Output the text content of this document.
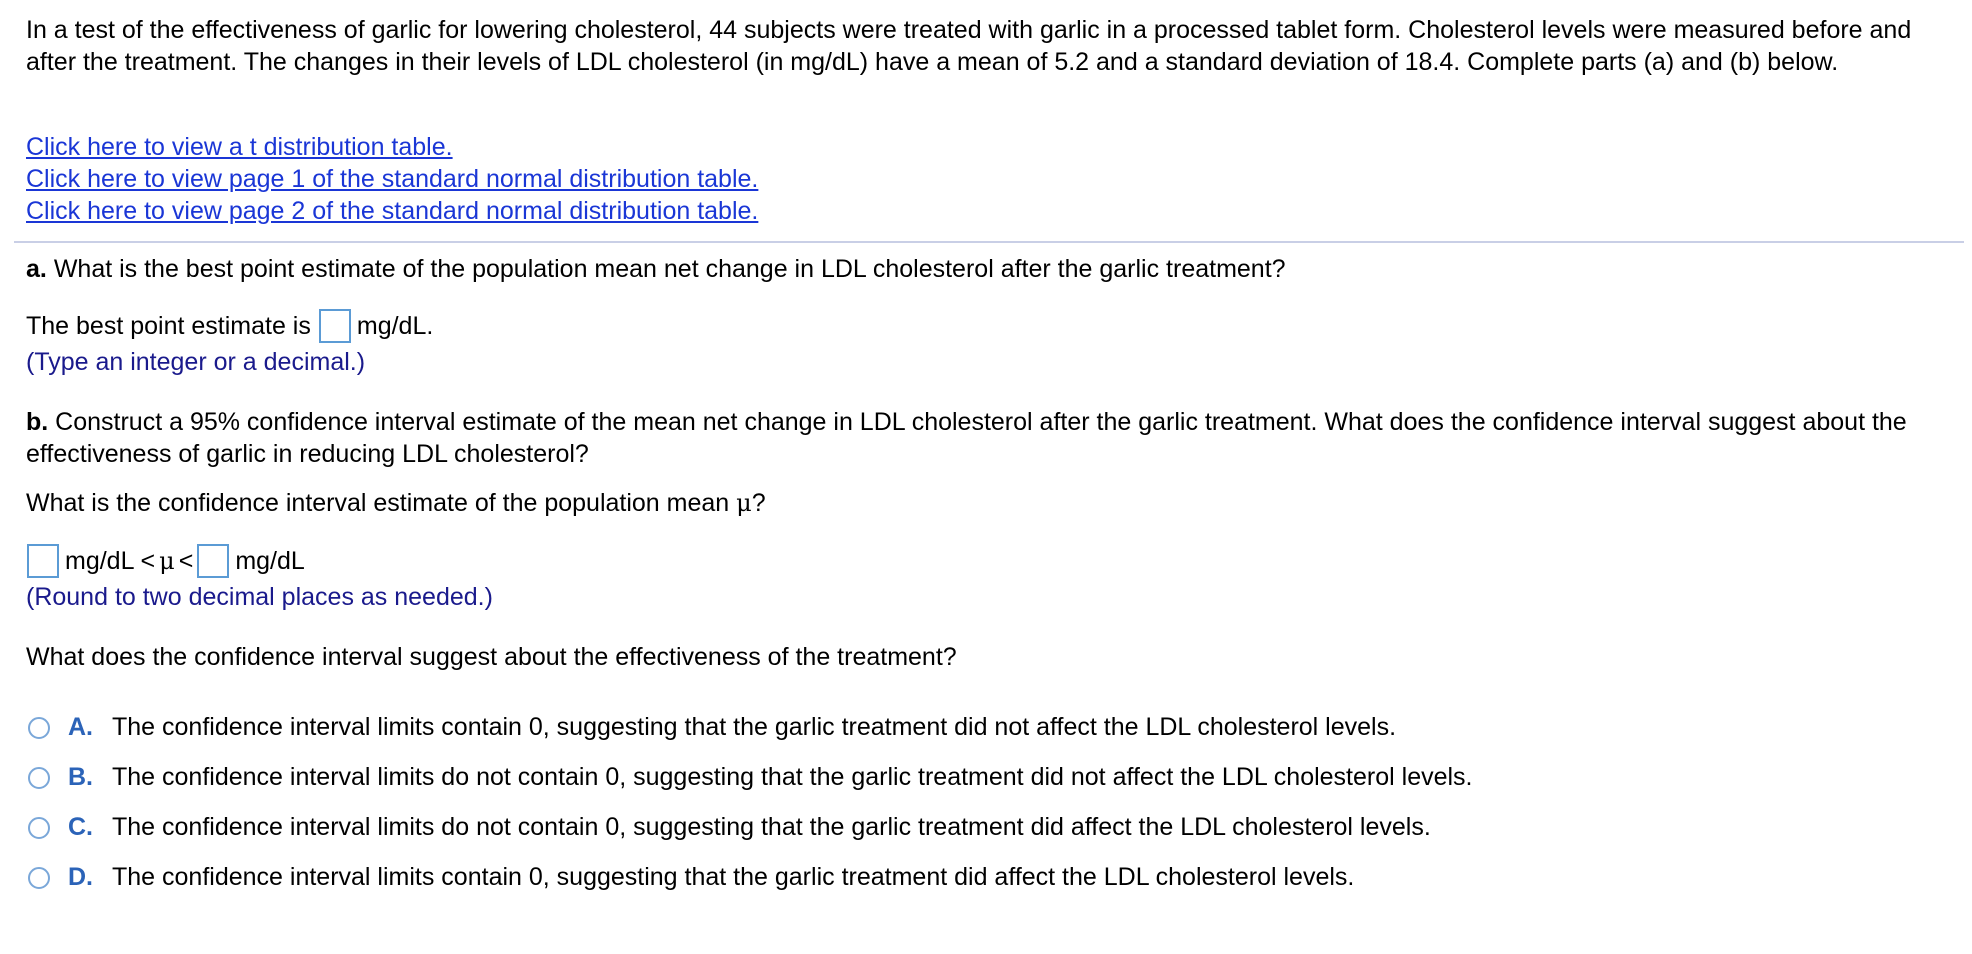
In a test of the effectiveness of garlic for lowering cholesterol, 44 subjects were treated with garlic in a processed tablet form. Cholesterol levels were measured before and after the treatment. The changes in their levels of LDL cholesterol (in mg/dL) have a mean of 5.2 and a standard deviation of 18.4. Complete parts (a) and (b) below.
Click here to view a t distribution table.
Click here to view page 1 of the standard normal distribution table.
Click here to view page 2 of the standard normal distribution table.
a. What is the best point estimate of the population mean net change in LDL cholesterol after the garlic treatment?
The best point estimate is mg/dL.
(Type an integer or a decimal.)
b. Construct a 95% confidence interval estimate of the mean net change in LDL cholesterol after the garlic treatment. What does the confidence interval suggest about the effectiveness of garlic in reducing LDL cholesterol?
What is the confidence interval estimate of the population mean μ?
mg/dL < μ < mg/dL
(Round to two decimal places as needed.)
What does the confidence interval suggest about the effectiveness of the treatment?
A. The confidence interval limits contain 0, suggesting that the garlic treatment did not affect the LDL cholesterol levels.
B. The confidence interval limits do not contain 0, suggesting that the garlic treatment did not affect the LDL cholesterol levels.
C. The confidence interval limits do not contain 0, suggesting that the garlic treatment did affect the LDL cholesterol levels.
D. The confidence interval limits contain 0, suggesting that the garlic treatment did affect the LDL cholesterol levels.
